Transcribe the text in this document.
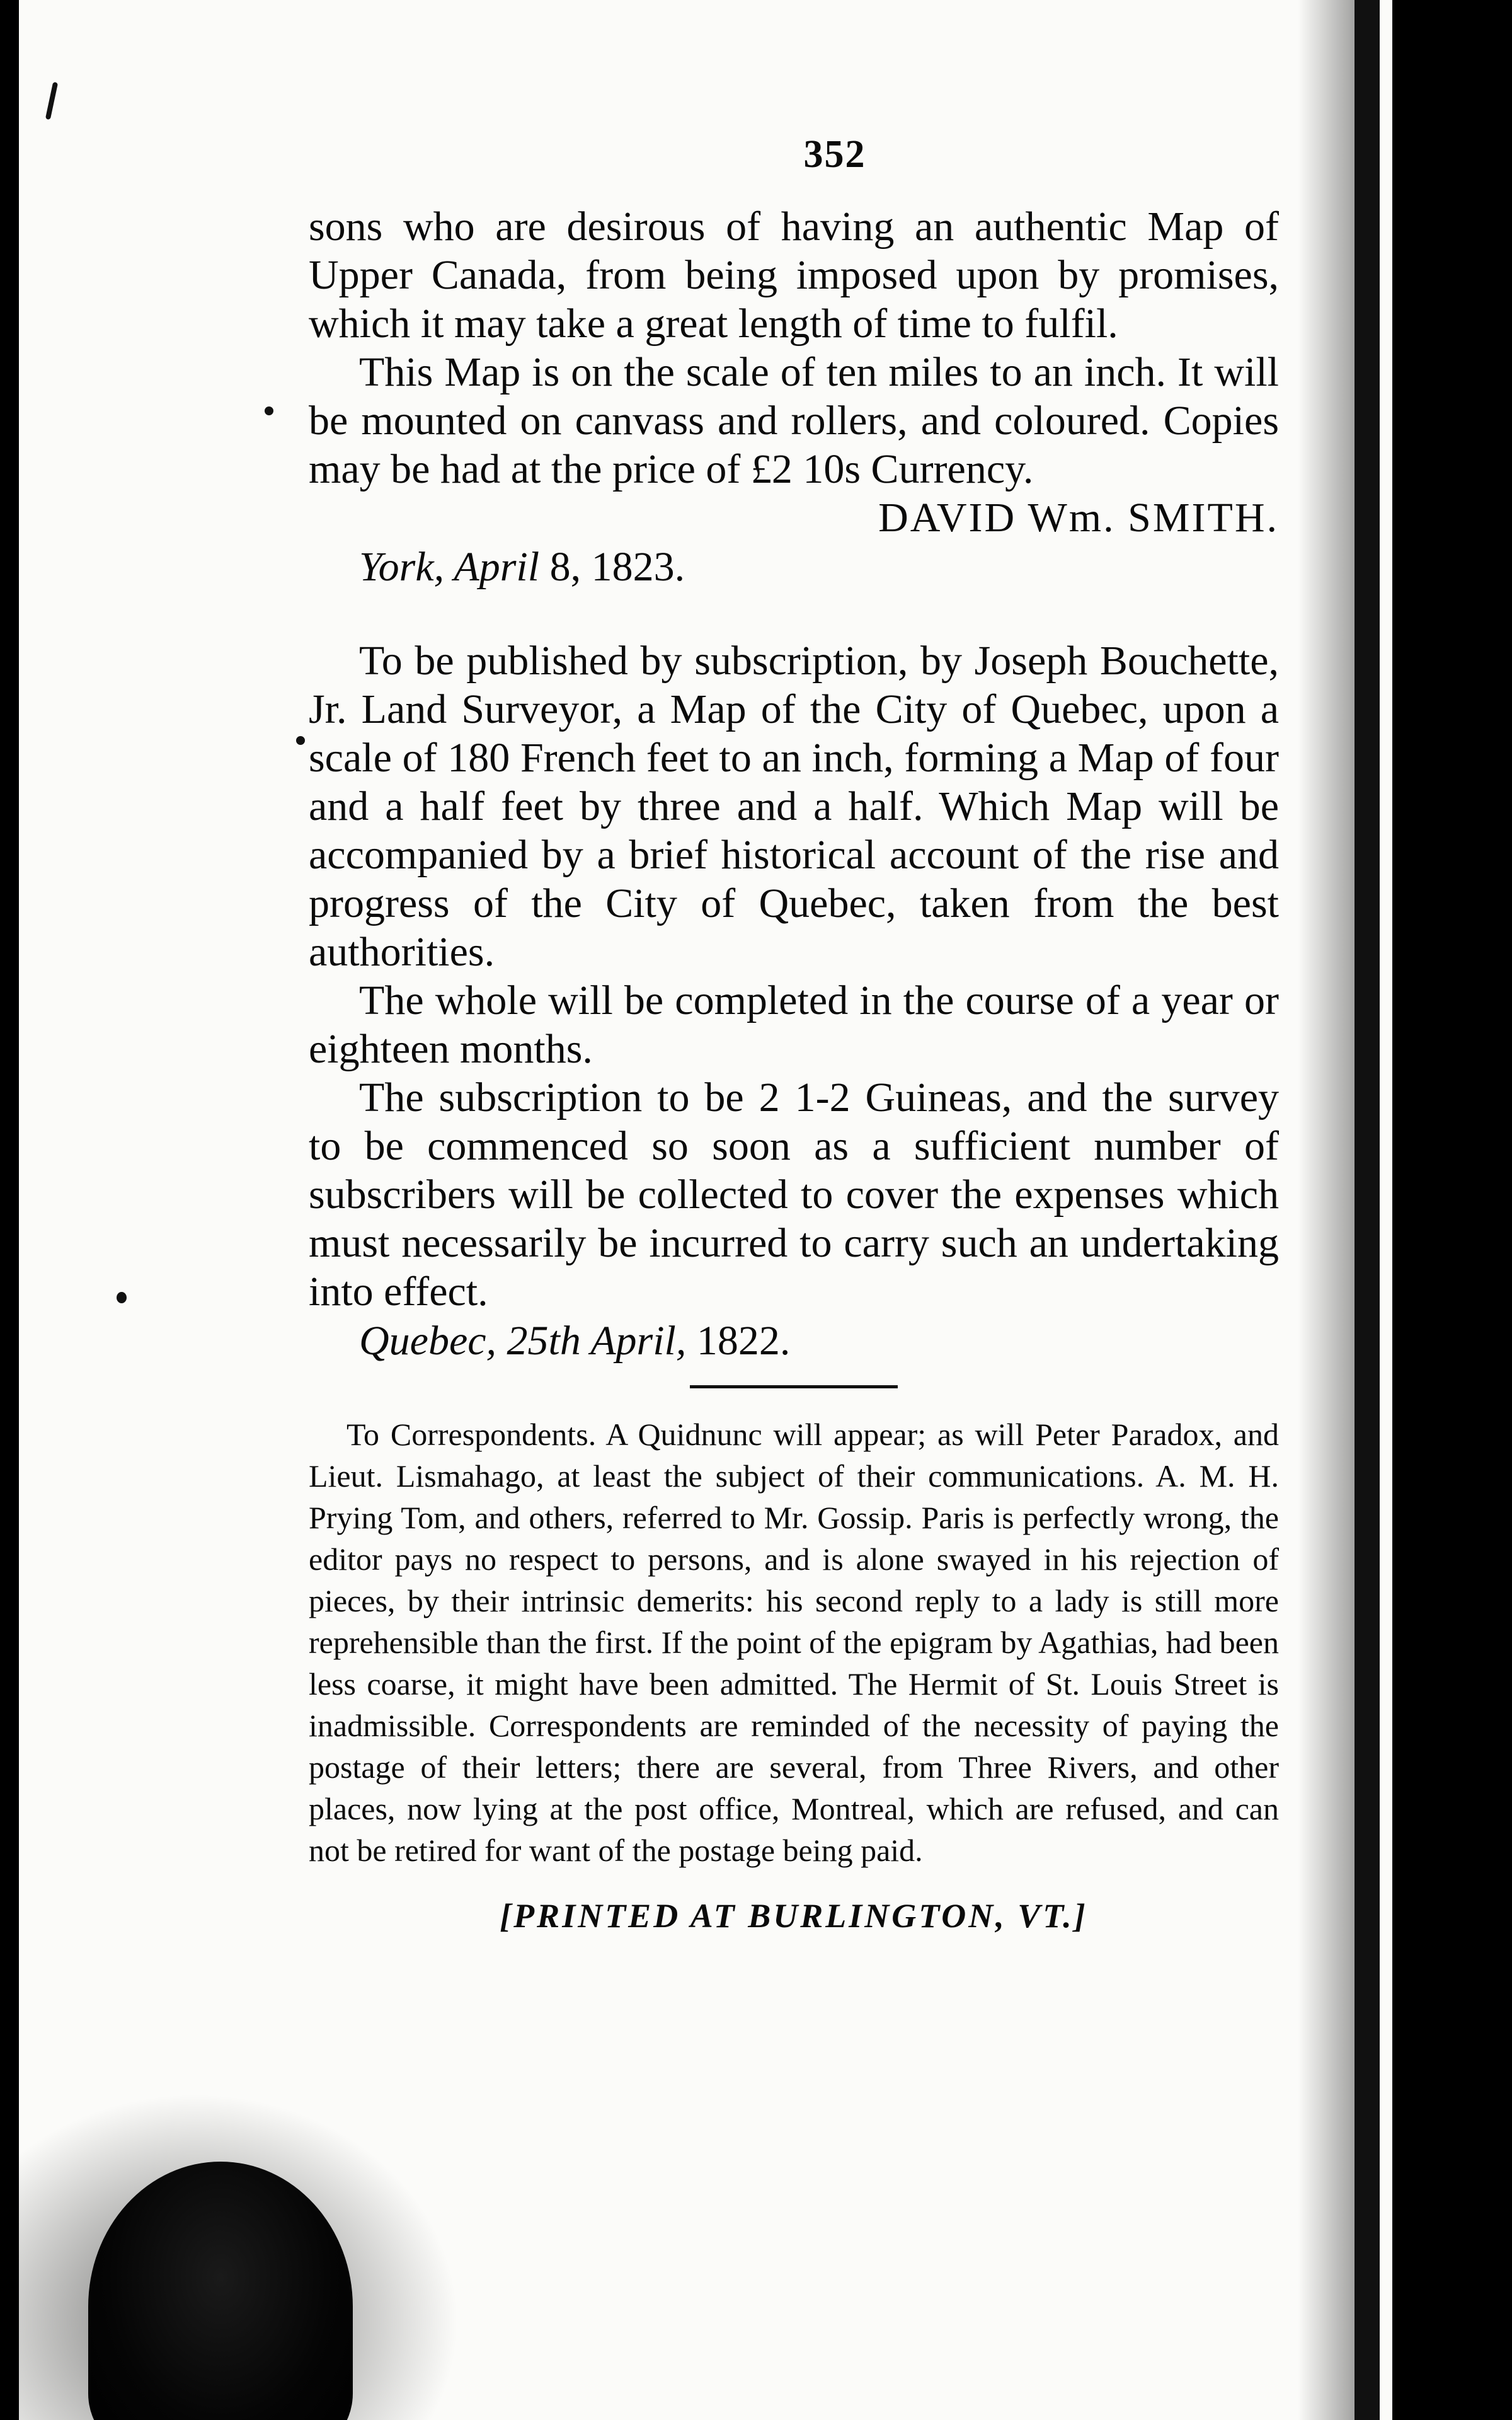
352

sons who are desirous of having an authentic Map of Upper Canada, from being imposed upon by promises, which it may take a great length of time to fulfil.

This Map is on the scale of ten miles to an inch. It will be mounted on canvass and rollers, and coloured. Copies may be had at the price of £2 10s Currency.

DAVID Wm. SMITH.

York, April 8, 1823.

To be published by subscription, by Joseph Bouchette, Jr. Land Surveyor, a Map of the City of Quebec, upon a scale of 180 French feet to an inch, forming a Map of four and a half feet by three and a half. Which Map will be accompanied by a brief historical account of the rise and progress of the City of Quebec, taken from the best authorities.

The whole will be completed in the course of a year or eighteen months.

The subscription to be 2 1-2 Guineas, and the survey to be commenced so soon as a sufficient number of subscribers will be collected to cover the expenses which must necessarily be incurred to carry such an undertaking into effect.

Quebec, 25th April, 1822.

To Correspondents. A Quidnunc will appear; as will Peter Paradox, and Lieut. Lismahago, at least the subject of their communications. A. M. H. Prying Tom, and others, referred to Mr. Gossip. Paris is perfectly wrong, the editor pays no respect to persons, and is alone swayed in his rejection of pieces, by their intrinsic demerits: his second reply to a lady is still more reprehensible than the first. If the point of the epigram by Agathias, had been less coarse, it might have been admitted. The Hermit of St. Louis Street is inadmissible. Correspondents are reminded of the necessity of paying the postage of their letters; there are several, from Three Rivers, and other places, now lying at the post office, Montreal, which are refused, and can not be retired for want of the postage being paid.

[PRINTED AT BURLINGTON, VT.]
